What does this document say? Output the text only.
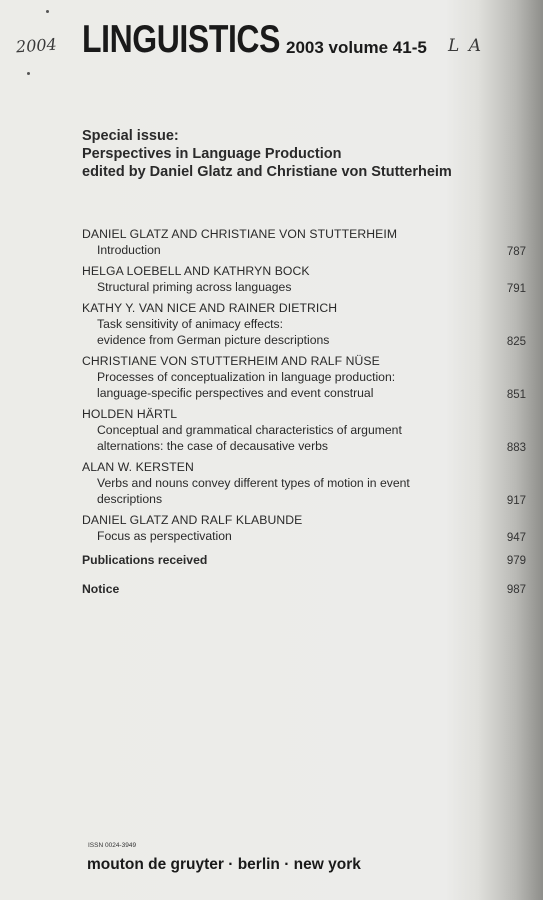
2004 LINGUISTICS 2003 volume 41-5 L A
Special issue:
Perspectives in Language Production
edited by Daniel Glatz and Christiane von Stutterheim
DANIEL GLATZ AND CHRISTIANE VON STUTTERHEIM
Introduction	787
HELGA LOEBELL AND KATHRYN BOCK
Structural priming across languages	791
KATHY Y. VAN NICE AND RAINER DIETRICH
Task sensitivity of animacy effects:
evidence from German picture descriptions	825
CHRISTIANE VON STUTTERHEIM AND RALF NÜSE
Processes of conceptualization in language production:
language-specific perspectives and event construal	851
HOLDEN HÄRTL
Conceptual and grammatical characteristics of argument
alternations: the case of decausative verbs	883
ALAN W. KERSTEN
Verbs and nouns convey different types of motion in event
descriptions	917
DANIEL GLATZ AND RALF KLABUNDE
Focus as perspectivation	947
Publications received	979
Notice	987
ISSN 0024-3949
mouton de gruyter · berlin · new york
